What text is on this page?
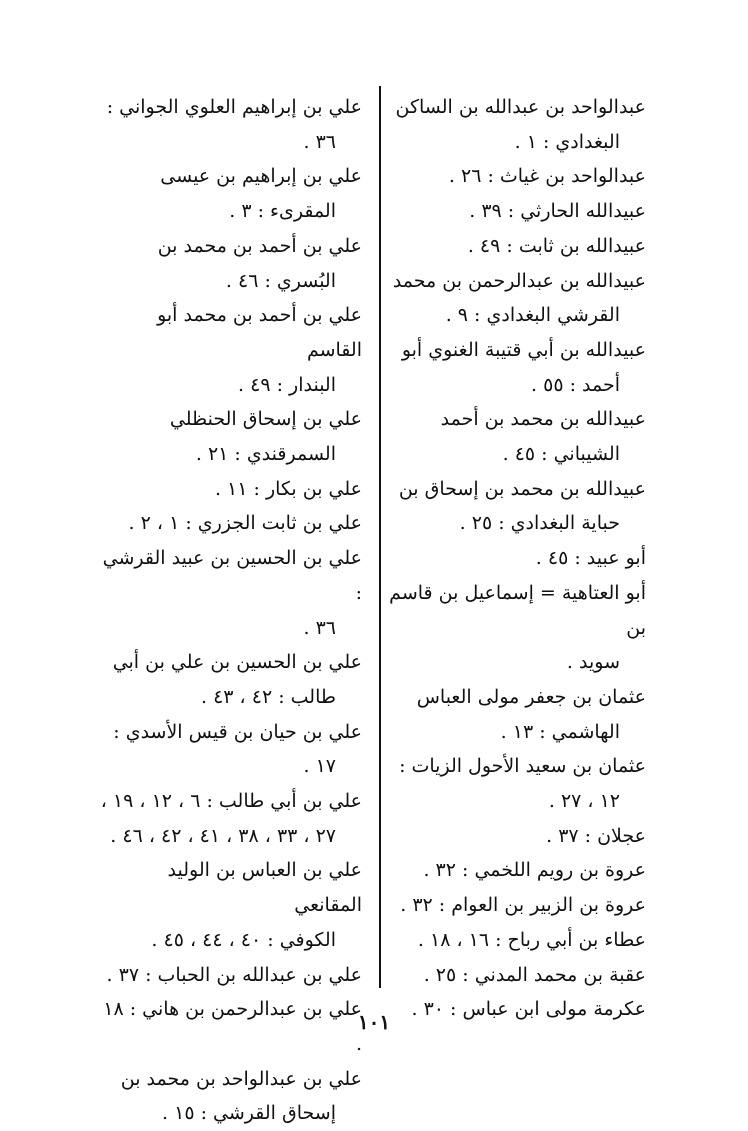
عبدالواحد بن عبدالله بن الساكن
البغدادي : ١ .
عبدالواحد بن غياث : ٢٦ .
عبيدالله الحارثي : ٣٩ .
عبيدالله بن ثابت : ٤٩ .
عبيدالله بن عبدالرحمن بن محمد
القرشي البغدادي : ٩ .
عبيدالله بن أبي قتيبة الغنوي أبو
أحمد : ٥٥ .
عبيدالله بن محمد بن أحمد
الشيباني : ٤٥ .
عبيدالله بن محمد بن إسحاق بن
حباية البغدادي : ٢٥ .
أبو عبيد : ٤٥ .
أبو العتاهية = إسماعيل بن قاسم بن
سويد .
عثمان بن جعفر مولى العباس
الهاشمي : ١٣ .
عثمان بن سعيد الأحول الزيات :
١٢ ، ٢٧ .
عجلان : ٣٧ .
عروة بن رويم اللخمي : ٣٢ .
عروة بن الزبير بن العوام : ٣٢ .
عطاء بن أبي رباح : ١٦ ، ١٨ .
عقبة بن محمد المدني : ٢٥ .
عكرمة مولى ابن عباس : ٣٠ .
علي بن إبراهيم العلوي الجواني :
٣٦ .
علي بن إبراهيم بن عيسى
المقرىء : ٣ .
علي بن أحمد بن محمد بن
البُسري : ٤٦ .
علي بن أحمد بن محمد أبو القاسم
البندار : ٤٩ .
علي بن إسحاق الحنظلي
السمرقندي : ٢١ .
علي بن بكار : ١١ .
علي بن ثابت الجزري : ١ ، ٢ .
علي بن الحسين بن عبيد القرشي :
٣٦ .
علي بن الحسين بن علي بن أبي
طالب : ٤٢ ، ٤٣ .
علي بن حيان بن قيس الأسدي :
١٧ .
علي بن أبي طالب : ٦ ، ١٢ ، ١٩ ،
٢٧ ، ٣٣ ، ٣٨ ، ٤١ ، ٤٢ ، ٤٦ .
علي بن العباس بن الوليد المقانعي
الكوفي : ٤٠ ، ٤٤ ، ٤٥ .
علي بن عبدالله بن الحباب : ٣٧ .
علي بن عبدالرحمن بن هاني : ١٨ .
علي بن عبدالواحد بن محمد بن
إسحاق القرشي : ١٥ .
١٠١
